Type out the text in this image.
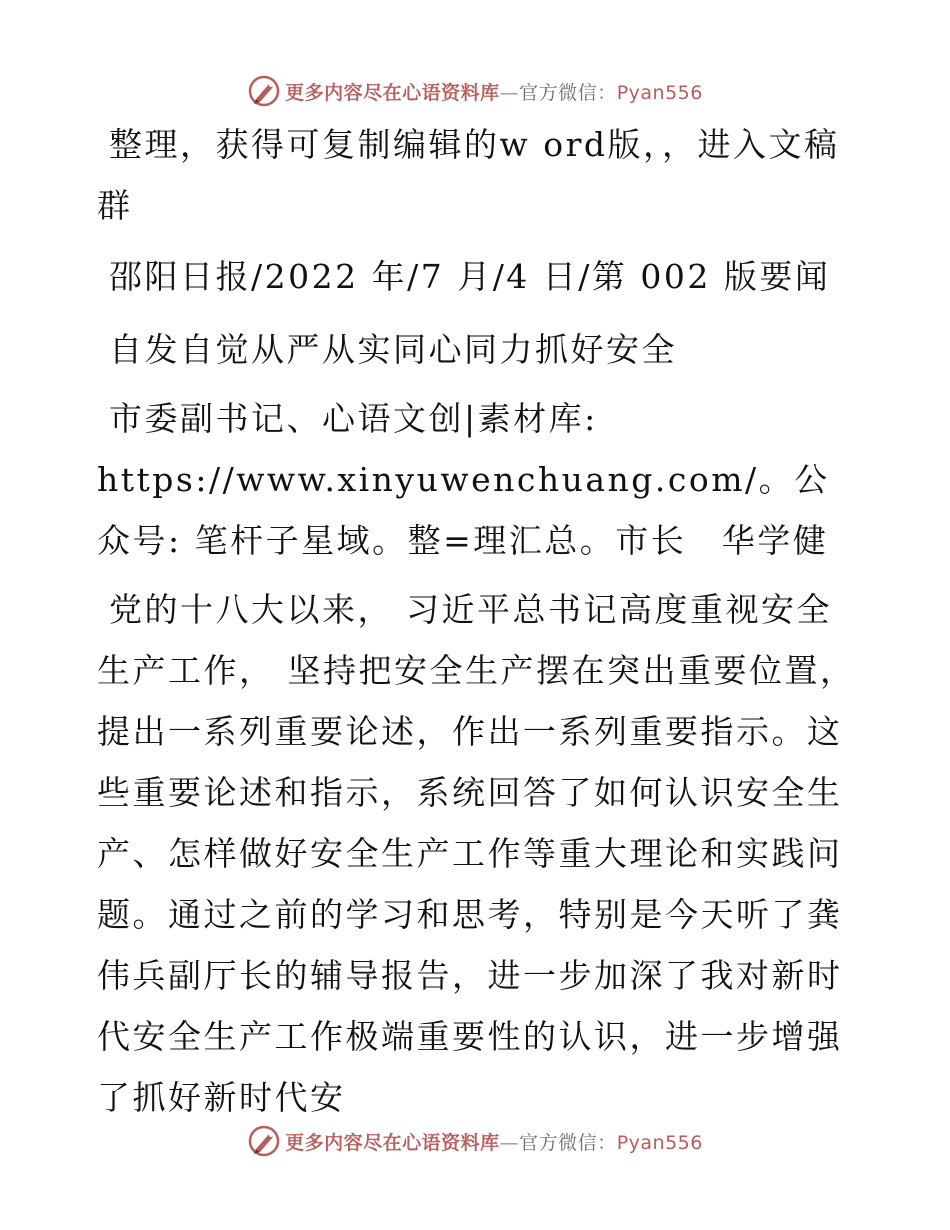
更多内容尽在心语资料库—官方微信：Pyan556

整理，获得可复制编辑的w ord版，，进入文稿群

邵阳日报/2022 年/7 月/4 日/第 002 版要闻

自发自觉从严从实同心同力抓好安全

市委副书记、心语文创|素材库: https://www.xinyuwenchuang.com/。公众号: 笔杆子星域。整=理汇总。市长　华学健

党的十八大以来， 习近平总书记高度重视安全生产工作， 坚持把安全生产摆在突出重要位置，提出一系列重要论述，作出一系列重要指示。这些重要论述和指示，系统回答了如何认识安全生产、怎样做好安全生产工作等重大理论和实践问题。通过之前的学习和思考，特别是今天听了龚伟兵副厅长的辅导报告，进一步加深了我对新时代安全生产工作极端重要性的认识，进一步增强了抓好新时代安

更多内容尽在心语资料库—官方微信：Pyan556
